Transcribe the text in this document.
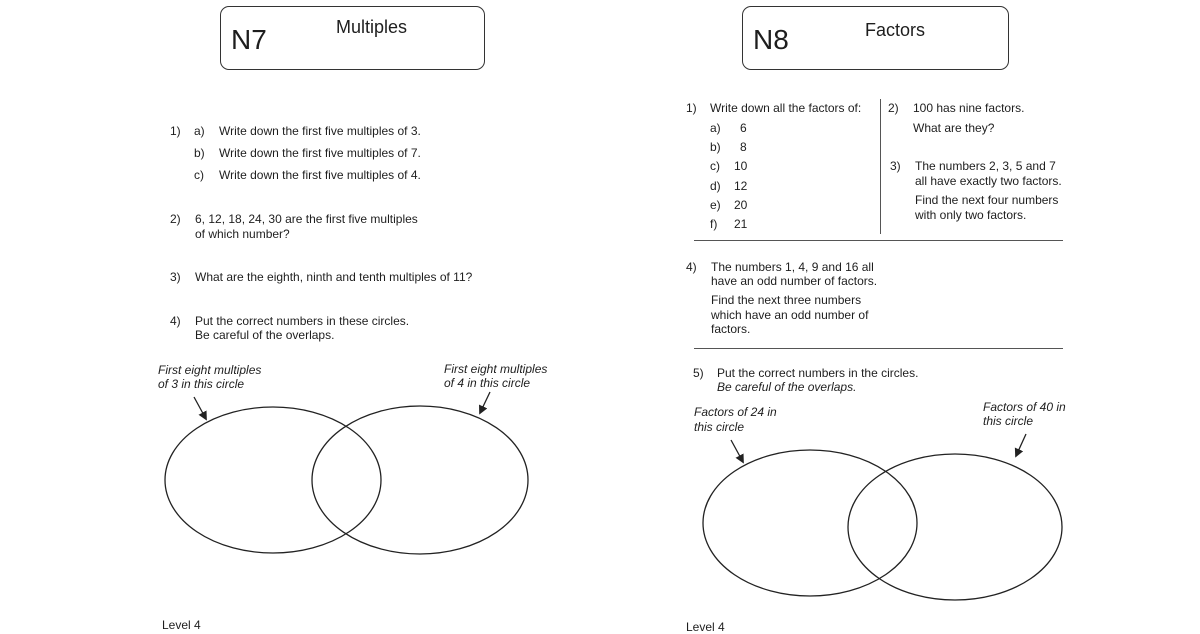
N7	Multiples
1) a) Write down the first five multiples of 3.
b) Write down the first five multiples of 7.
c) Write down the first five multiples of 4.
2) 6, 12, 18, 24, 30 are the first five multiples
of which number?
3) What are the eighth, ninth and tenth multiples of 11?
4) Put the correct numbers in these circles.
Be careful of the overlaps.
First eight multiples
of 3 in this circle
First eight multiples
of 4 in this circle
Level 4
N8	Factors
1) Write down all the factors of:
a) 6
b) 8
c) 10
d) 12
e) 20
f) 21
2) 100 has nine factors.
What are they?
3) The numbers 2, 3, 5 and 7
all have exactly two factors.
Find the next four numbers
with only two factors.
4) The numbers 1, 4, 9 and 16 all
have an odd number of factors.
Find the next three numbers
which have an odd number of
factors.
5) Put the correct numbers in the circles.
Be careful of the overlaps.
Factors of 24 in
this circle
Factors of 40 in
this circle
Level 4
